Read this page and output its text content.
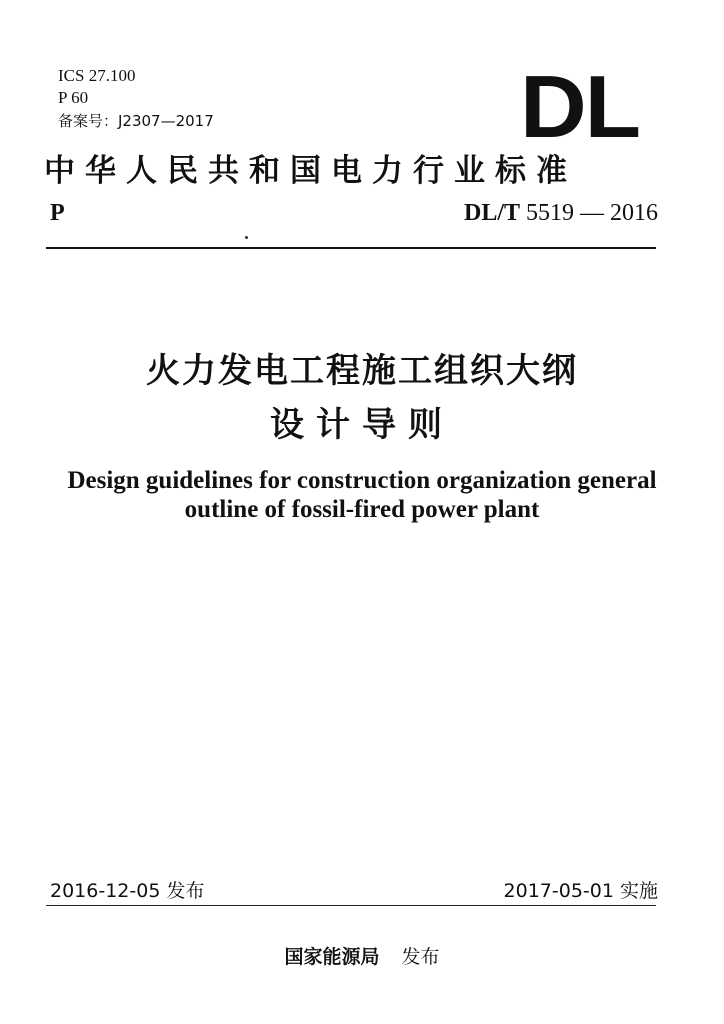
ICS 27.100
P 60
备案号：J2307—2017	DL
中华人民共和国电力行业标准
P	DL/T 5519 — 2016
火力发电工程施工组织大纲
设计导则
Design guidelines for construction organization general
outline of fossil-fired power plant
2016-12-05 发布	2017-05-01 实施
国家能源局 发布
